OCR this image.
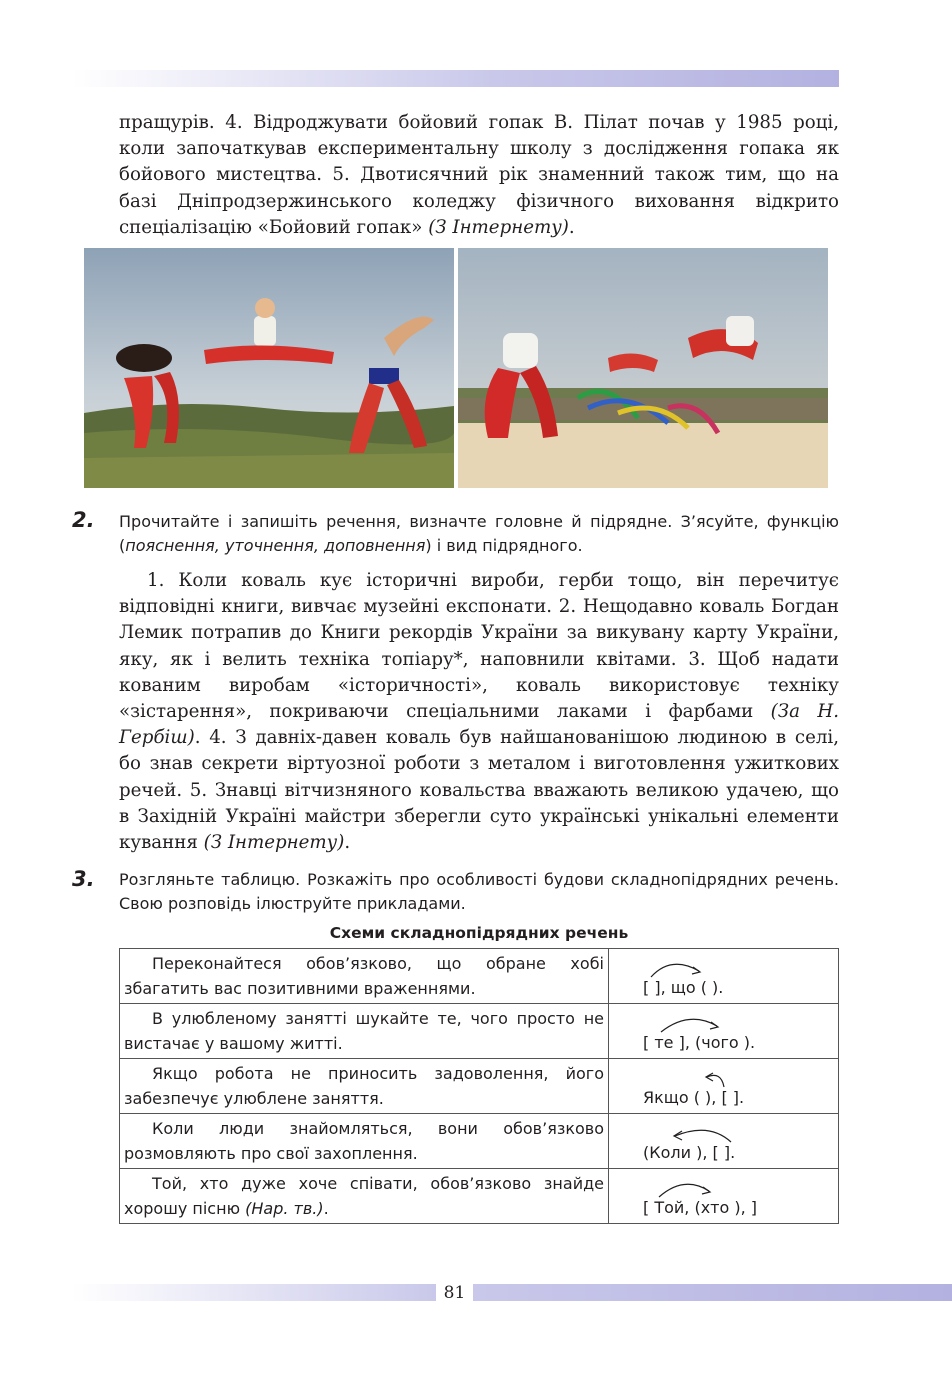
пращурів. 4. Відроджувати бойовий гопак В. Пілат почав у 1985 році, коли започаткував експериментальну школу з дослідження гопака як бойового мистецтва. 5. Двотисячний рік знаменний також тим, що на базі Дніпродзержинського коледжу фізичного виховання відкрито спеціалізацію «Бойовий гопак» (З Інтернету).
2. Прочитайте і запишіть речення, визначте головне й підрядне. З’ясуйте, функцію (пояснення, уточнення, доповнення) і вид підрядного.
1. Коли коваль кує історичні вироби, герби тощо, він перечитує відповідні книги, вивчає музейні експонати. 2. Нещодавно коваль Богдан Лемик потрапив до Книги рекордів України за викувану карту України, яку, як і велить техніка топіару*, наповнили квітами. 3. Щоб надати кованим виробам «історичності», коваль використовує техніку «зістарення», покриваючи спеціальними лаками і фарбами (За Н. Гербіш). 4. З давніх-давен коваль був найшанованішою людиною в селі, бо знав секрети віртуозної роботи з металом і виготовлення ужиткових речей. 5. Знавці вітчизняного ковальства вважають великою удачею, що в Західній Україні майстри зберегли суто українські унікальні елементи кування (З Інтернету).
3. Розгляньте таблицю. Розкажіть про особливості будови складнопідрядних речень. Свою розповідь ілюструйте прикладами.
Схеми складнопідрядних речень
Переконайтеся обов’язково, що обране хобі збагатить вас позитивними враженнями.	[ ], що ( ).

В улюбленому занятті шукайте те, чого просто не вистачає у вашому житті.	[ те ], (чого ).

Якщо робота не приносить задоволення, його забезпечує улюблене заняття.	Якщо ( ), [ ].

Коли люди знайомляться, вони обов’язково розмовляють про свої захоплення.	(Коли ), [ ].

Той, хто дуже хоче співати, обов’язково знайде хорошу пісню (Нар. тв.).	[ Той, (хто ), ]
81
